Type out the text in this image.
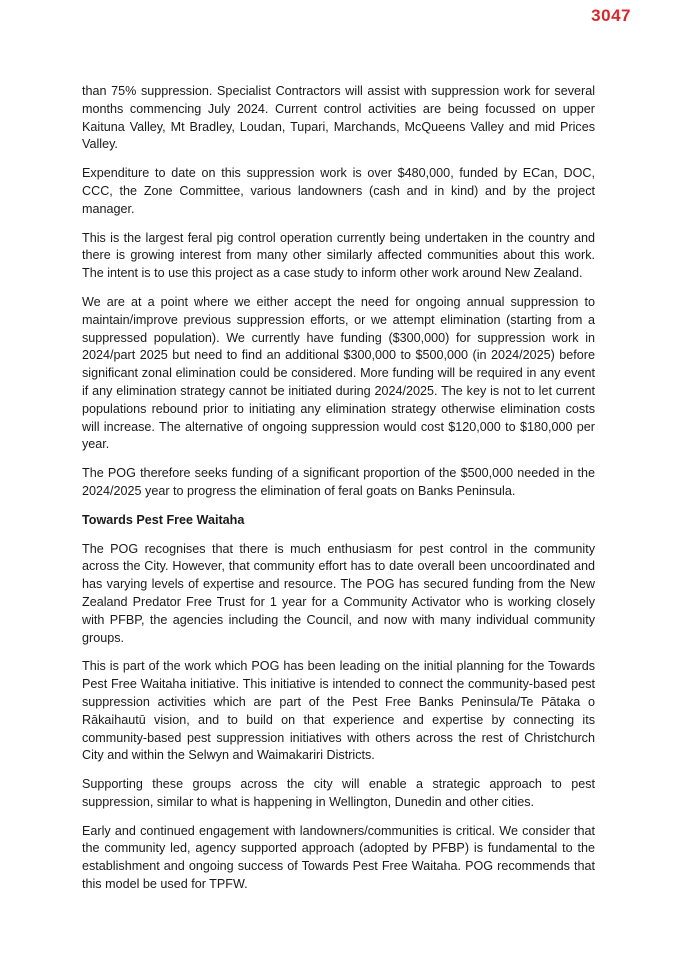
3047

than 75% suppression. Specialist Contractors will assist with suppression work for several months commencing July 2024. Current control activities are being focussed on upper Kaituna Valley, Mt Bradley, Loudan, Tupari, Marchands, McQueens Valley and mid Prices Valley.

Expenditure to date on this suppression work is over $480,000, funded by ECan, DOC, CCC, the Zone Committee, various landowners (cash and in kind) and by the project manager.

This is the largest feral pig control operation currently being undertaken in the country and there is growing interest from many other similarly affected communities about this work. The intent is to use this project as a case study to inform other work around New Zealand.

We are at a point where we either accept the need for ongoing annual suppression to maintain/improve previous suppression efforts, or we attempt elimination (starting from a suppressed population). We currently have funding ($300,000) for suppression work in 2024/part 2025 but need to find an additional $300,000 to $500,000 (in 2024/2025) before significant zonal elimination could be considered. More funding will be required in any event if any elimination strategy cannot be initiated during 2024/2025. The key is not to let current populations rebound prior to initiating any elimination strategy otherwise elimination costs will increase. The alternative of ongoing suppression would cost $120,000 to $180,000 per year.

The POG therefore seeks funding of a significant proportion of the $500,000 needed in the 2024/2025 year to progress the elimination of feral goats on Banks Peninsula.

Towards Pest Free Waitaha

The POG recognises that there is much enthusiasm for pest control in the community across the City. However, that community effort has to date overall been uncoordinated and has varying levels of expertise and resource. The POG has secured funding from the New Zealand Predator Free Trust for 1 year for a Community Activator who is working closely with PFBP, the agencies including the Council, and now with many individual community groups.

This is part of the work which POG has been leading on the initial planning for the Towards Pest Free Waitaha initiative. This initiative is intended to connect the community-based pest suppression activities which are part of the Pest Free Banks Peninsula/Te Pātaka o Rākaihautū vision, and to build on that experience and expertise by connecting its community-based pest suppression initiatives with others across the rest of Christchurch City and within the Selwyn and Waimakariri Districts.

Supporting these groups across the city will enable a strategic approach to pest suppression, similar to what is happening in Wellington, Dunedin and other cities.

Early and continued engagement with landowners/communities is critical. We consider that the community led, agency supported approach (adopted by PFBP) is fundamental to the establishment and ongoing success of Towards Pest Free Waitaha. POG recommends that this model be used for TPFW.
